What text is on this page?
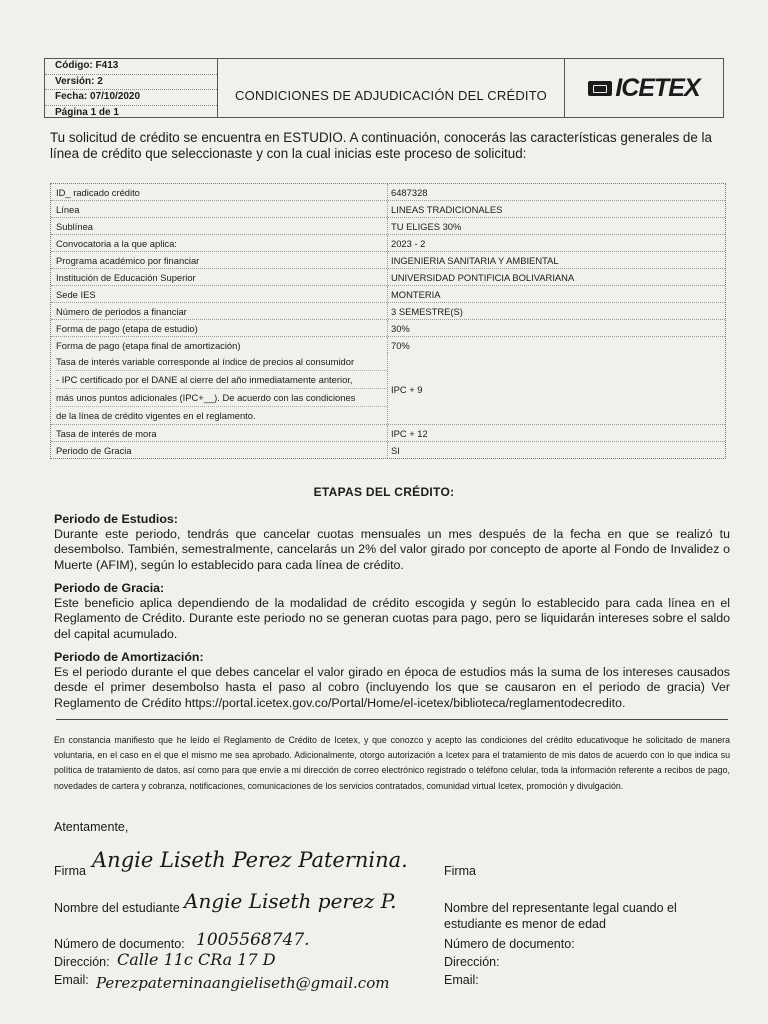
Código: F413
Versión: 2
Fecha: 07/10/2020
Página 1 de 1
CONDICIONES DE ADJUDICACIÓN DEL CRÉDITO	ICETEX
Tu solicitud de crédito se encuentra en ESTUDIO. A continuación, conocerás las características generales de la línea de crédito que seleccionaste y con la cual inicias este proceso de solicitud:
ID_ radicado crédito	6487328
Línea	LINEAS TRADICIONALES
Sublínea	TU ELIGES 30%
Convocatoria a la que aplica:	2023 - 2
Programa académico por financiar	INGENIERIA SANITARIA Y AMBIENTAL
Institución de Educación Superior	UNIVERSIDAD PONTIFICIA BOLIVARIANA
Sede IES	MONTERIA
Número de periodos a financiar	3 SEMESTRE(S)
Forma de pago (etapa de estudio)	30%
Forma de pago (etapa final de amortización)	70%
Tasa de interés variable corresponde al índice de precios al consumidor
- IPC certificado por el DANE al cierre del año inmediatamente anterior,
más unos puntos adicionales (IPC+__). De acuerdo con las condiciones
de la línea de crédito vigentes en el reglamento.
IPC + 9
Tasa de interés de mora	IPC + 12
Periodo de Gracia	SI
ETAPAS DEL CRÉDITO:
Periodo de Estudios:

Durante este periodo, tendrás que cancelar cuotas mensuales un mes después de la fecha en que se realizó tu desembolso. También, semestralmente, cancelarás un 2% del valor girado por concepto de aporte al Fondo de Invalidez o Muerte (AFIM), según lo establecido para cada línea de crédito.

Periodo de Gracia:

Este beneficio aplica dependiendo de la modalidad de crédito escogida y según lo establecido para cada línea en el Reglamento de Crédito. Durante este periodo no se generan cuotas para pago, pero se liquidarán intereses sobre el saldo del capital acumulado.

Periodo de Amortización:

Es el periodo durante el que debes cancelar el valor girado en época de estudios más la suma de los intereses causados desde el primer desembolso hasta el paso al cobro (incluyendo los que se causaron en el periodo de gracia) Ver Reglamento de Crédito https://portal.icetex.gov.co/Portal/Home/el-icetex/biblioteca/reglamentodecredito.

En constancia manifiesto que he leído el Reglamento de Crédito de Icetex, y que conozco y acepto las condiciones del crédito educativoque he solicitado de manera voluntaria, en el caso en el que el mismo me sea aprobado. Adicionalmente, otorgo autorización a Icetex para el tratamiento de mis datos de acuerdo con lo que indica su política de tratamiento de datos, así como para que envíe a mi dirección de correo electrónico registrado o teléfono celular, toda la información referente a recibos de pago, novedades de cartera y cobranza, notificaciones, comunicaciones de los servicios contratados, comunidad virtual Icetex, promoción y divulgación.
Atentamente,
Firma Angie Liseth Perez Paternina.
Nombre del estudiante Angie Liseth perez P.
Número de documento: 1005568747.
Dirección: Calle 11c CRa 17 D
Email: Perezpaterninaangieliseth@gmail.com
Firma
Nombre del representante legal cuando el estudiante es menor de edad
Número de documento:
Dirección:
Email:
